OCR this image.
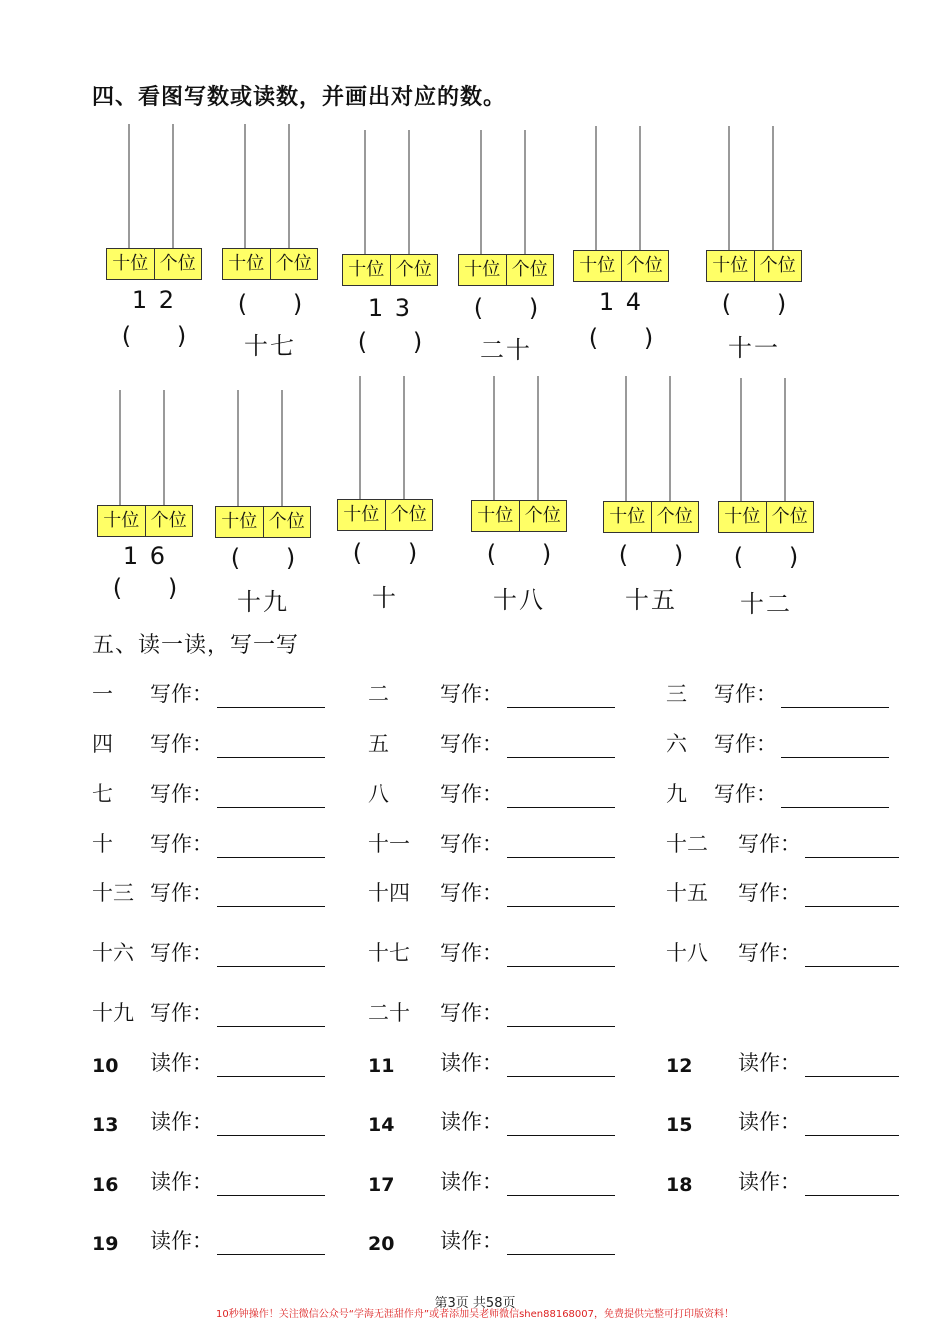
四、看图写数或读数，并画出对应的数。
十位 个位
1 2
(        )
十位 个位
(        )
十七
十位 个位
1 3
(        )
十位 个位
(        )
二十
十位 个位
1 4
(        )
十位 个位
(        )
十一
十位 个位
1 6
(        )
十位 个位
(        )
十九
十位 个位
(        )
十
十位 个位
(        )
十八
十位 个位
(        )
十五
十位 个位
(        )
十二
五、读一读，写一写
一	写作：	二	写作：	三	写作：
四	写作：	五	写作：	六	写作：
七	写作：	八	写作：	九	写作：
十	写作：	十一	写作：	十二	写作：
十三 写作：	十四	写作：	十五	写作：
十六 写作：	十七	写作：	十八	写作：
十九 写作：	二十	写作：
10	读作：	11	读作：	12	读作：
13	读作：	14	读作：	15	读作：
16	读作：	17	读作：	18	读作：
19	读作：	20	读作：
第3页 共58页
10秒钟操作！关注微信公众号“学海无涯甜作舟”或者添加吴老师微信shen88168007，免费提供完整可打印版资料！
